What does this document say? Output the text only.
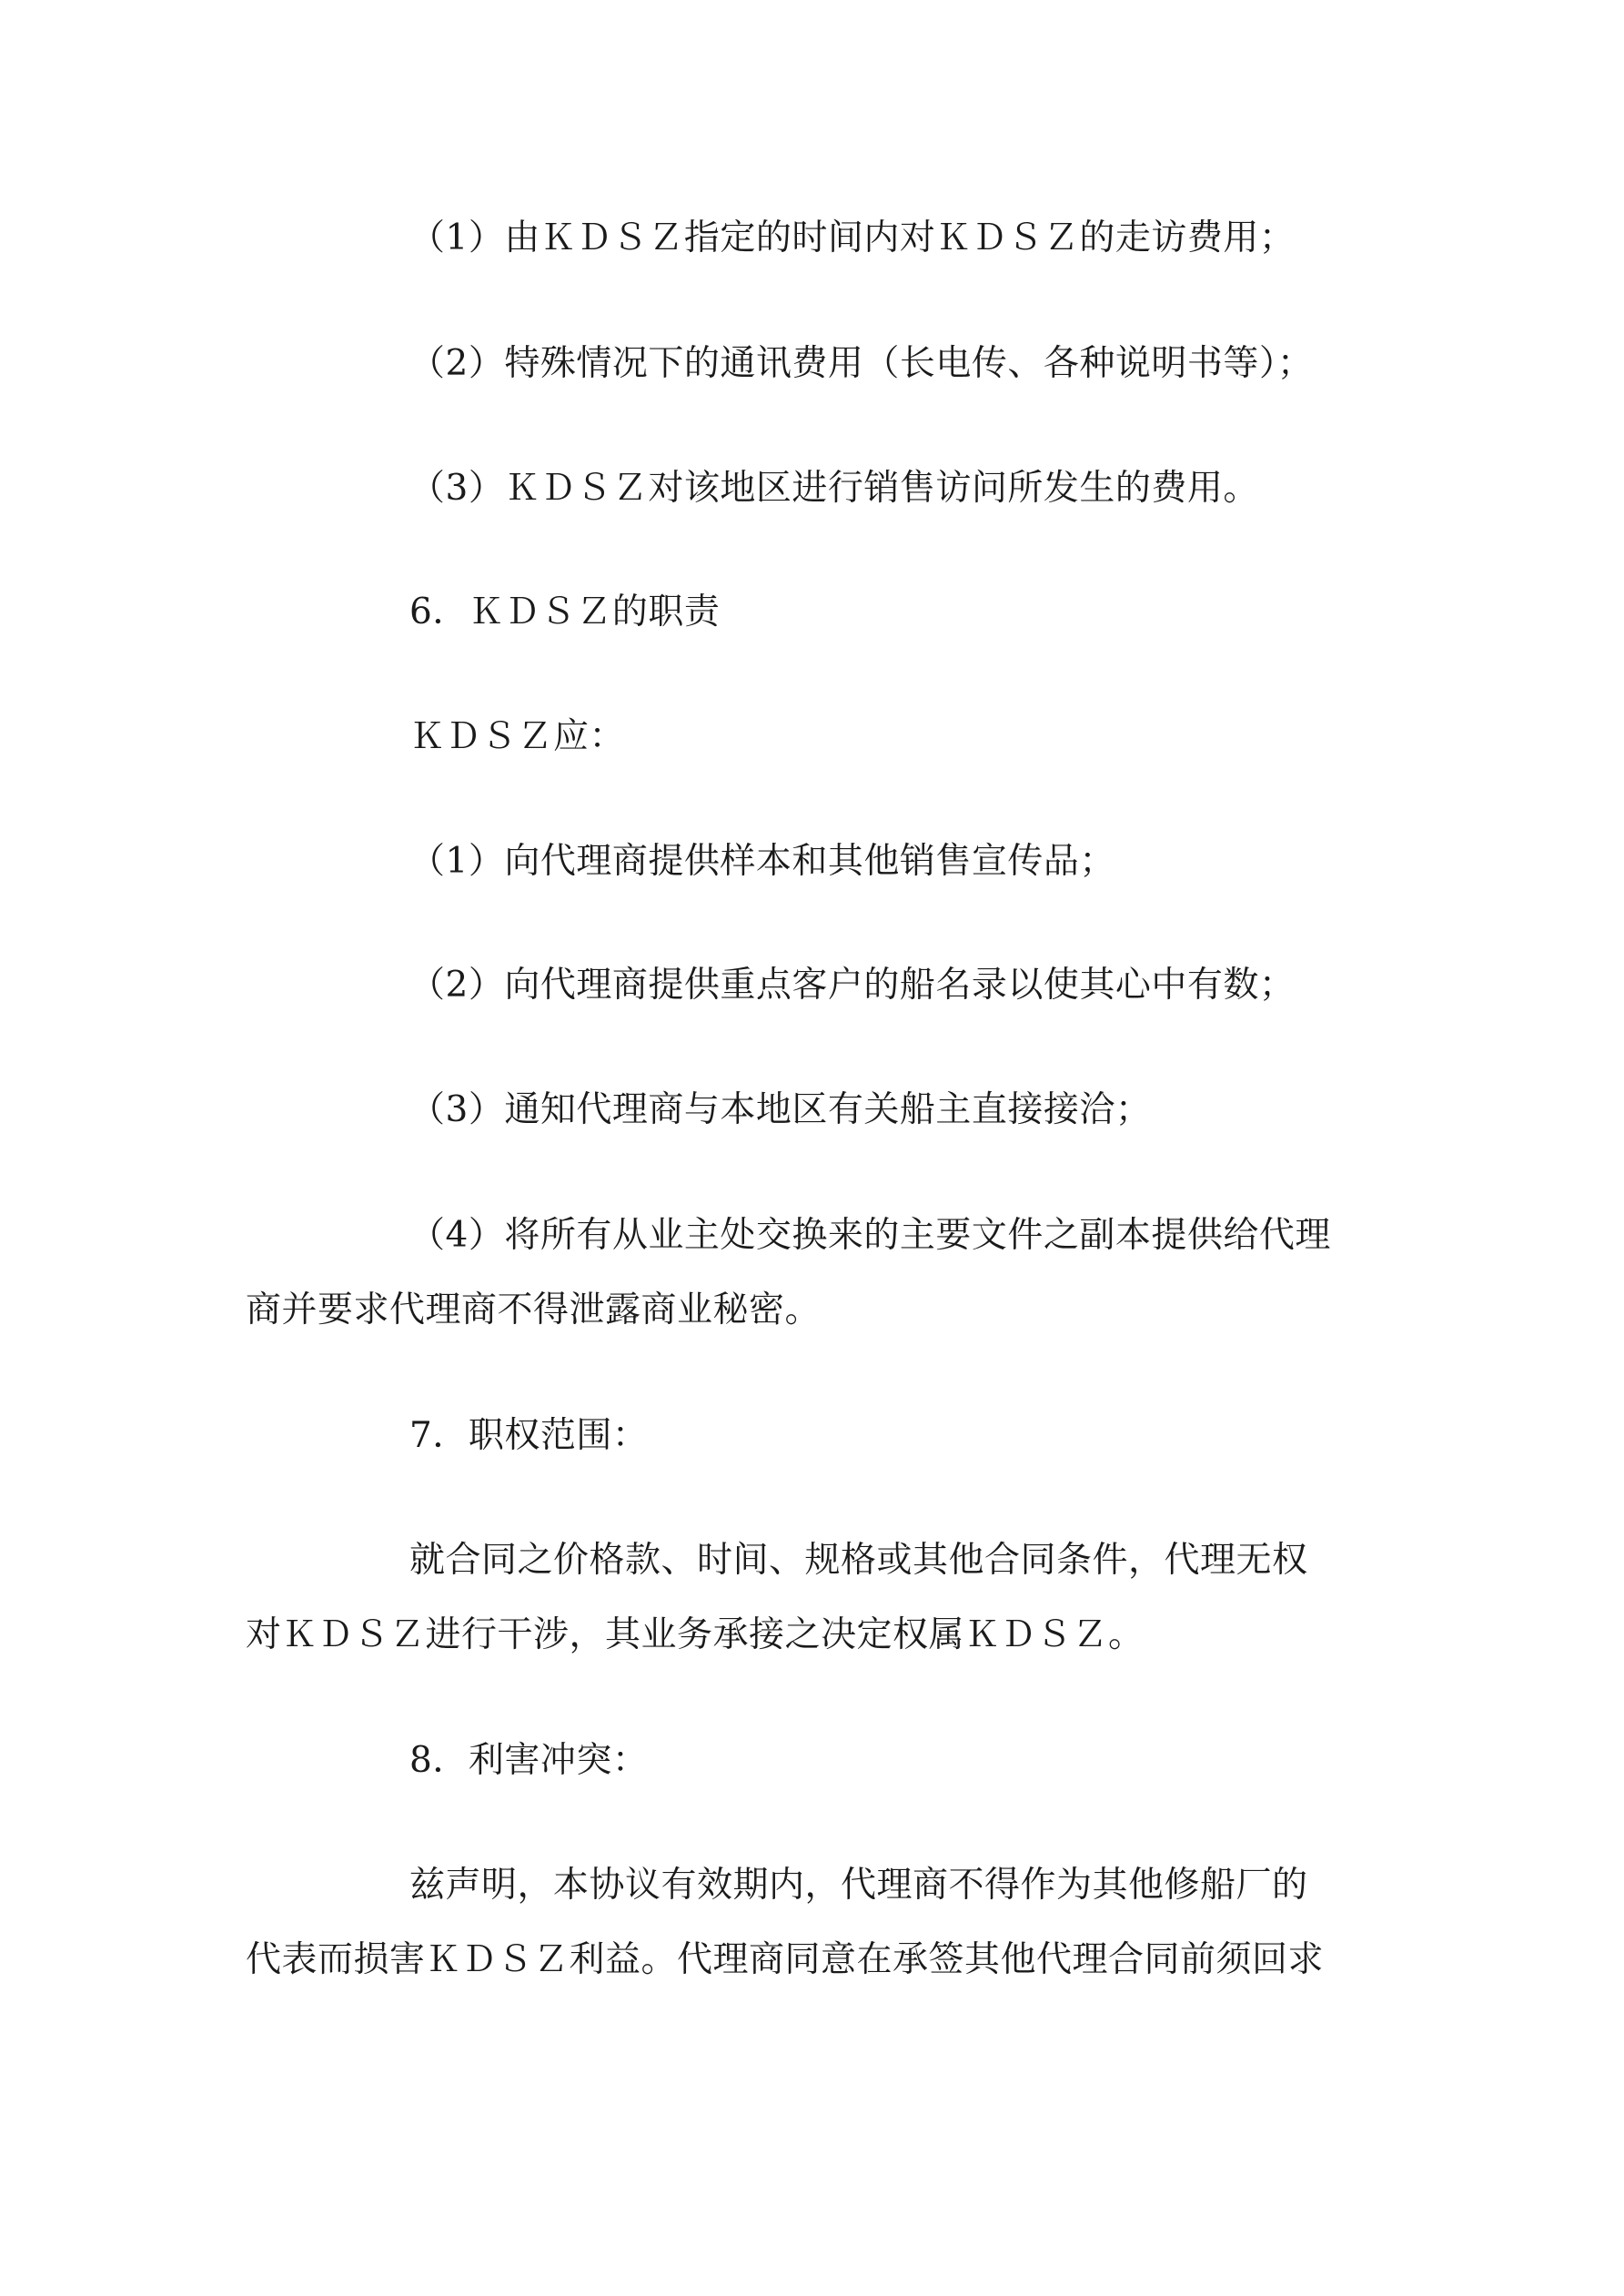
（1）由ＫＤＳＺ指定的时间内对ＫＤＳＺ的走访费用；
（2）特殊情况下的通讯费用（长电传、各种说明书等）；
（3）ＫＤＳＺ对该地区进行销售访问所发生的费用。
6．ＫＤＳＺ的职责
ＫＤＳＺ应：
（1）向代理商提供样本和其他销售宣传品；
（2）向代理商提供重点客户的船名录以使其心中有数；
（3）通知代理商与本地区有关船主直接接洽；
（4）将所有从业主处交换来的主要文件之副本提供给代理
商并要求代理商不得泄露商业秘密。
7．职权范围：
就合同之价格款、时间、规格或其他合同条件，代理无权
对ＫＤＳＺ进行干涉，其业务承接之决定权属ＫＤＳＺ。
8．利害冲突：
兹声明，本协议有效期内，代理商不得作为其他修船厂的
代表而损害ＫＤＳＺ利益。代理商同意在承签其他代理合同前须回求
